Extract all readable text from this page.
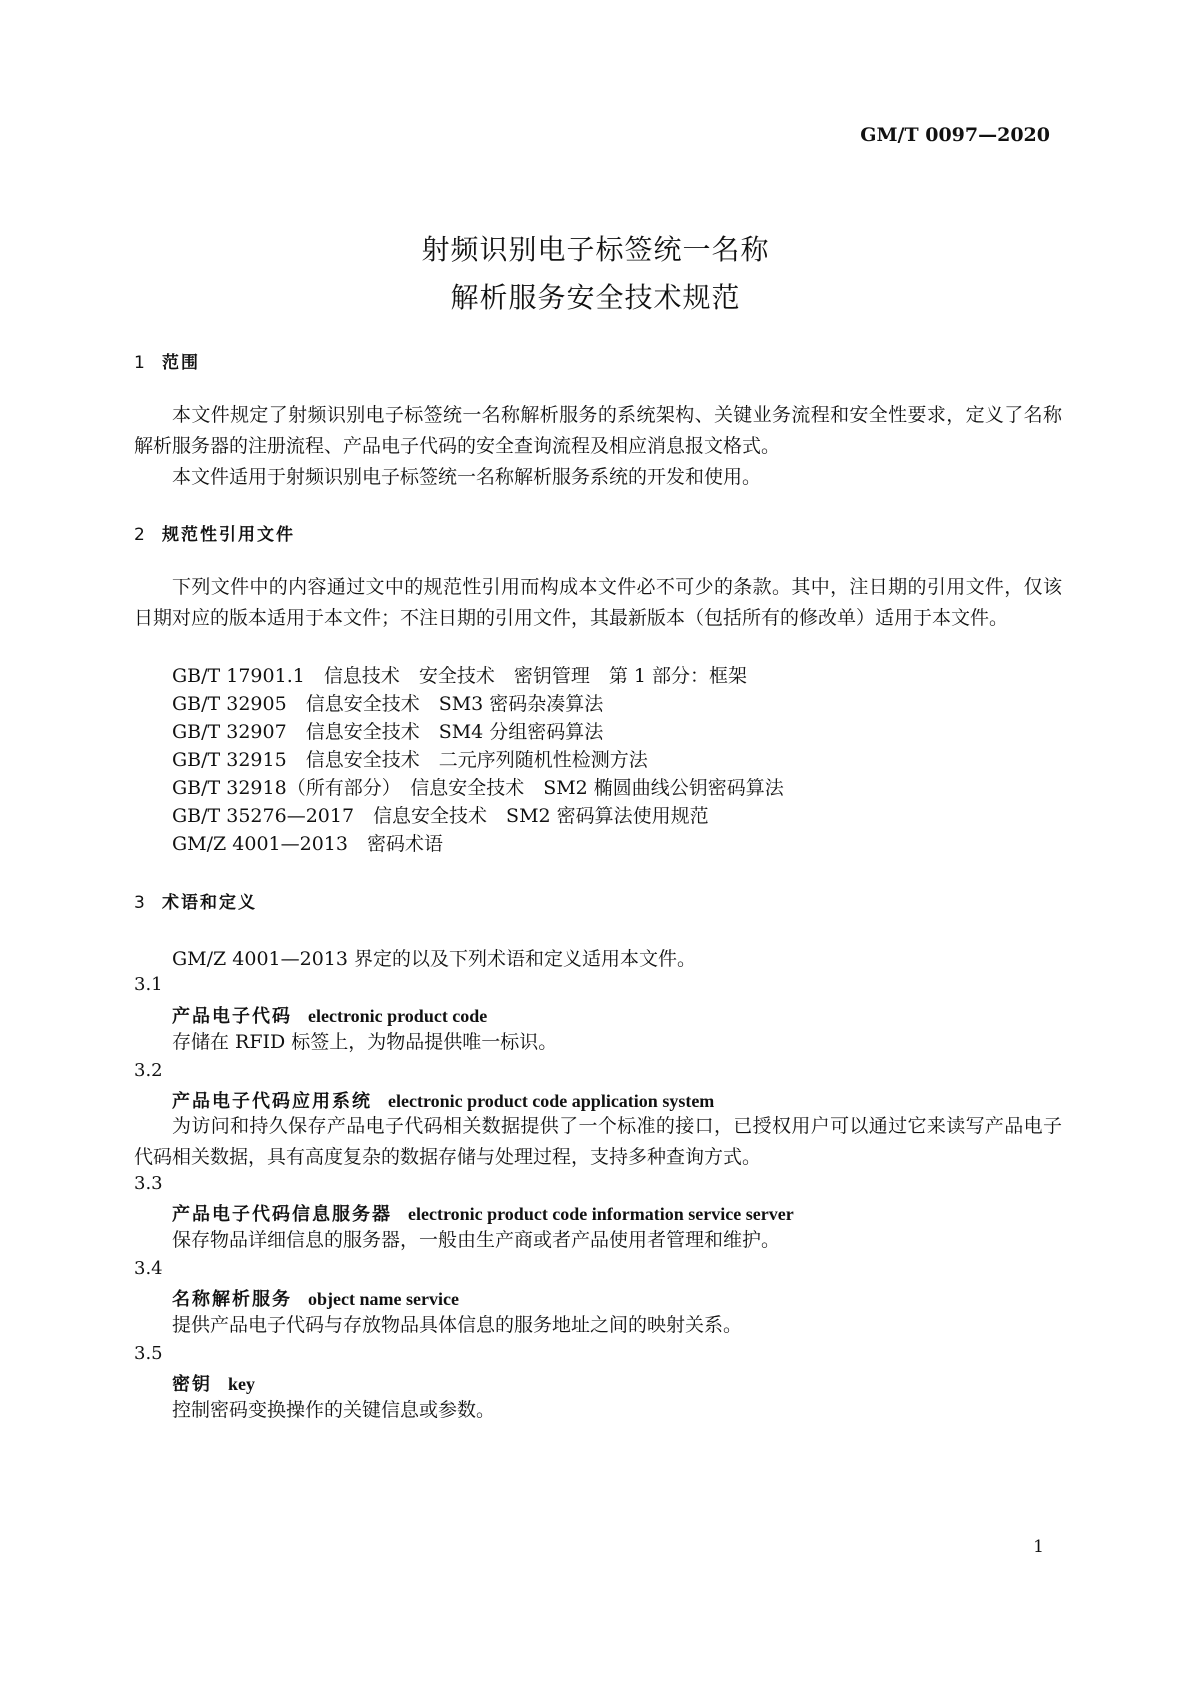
GM/T 0097—2020
射频识别电子标签统一名称
解析服务安全技术规范
1 范围
本文件规定了射频识别电子标签统一名称解析服务的系统架构、关键业务流程和安全性要求，定义了名称解析服务器的注册流程、产品电子代码的安全查询流程及相应消息报文格式。
本文件适用于射频识别电子标签统一名称解析服务系统的开发和使用。
2 规范性引用文件
下列文件中的内容通过文中的规范性引用而构成本文件必不可少的条款。其中，注日期的引用文件，仅该日期对应的版本适用于本文件；不注日期的引用文件，其最新版本（包括所有的修改单）适用于本文件。
GB/T 17901.1　信息技术　安全技术　密钥管理　第 1 部分：框架
GB/T 32905　信息安全技术　SM3 密码杂凑算法
GB/T 32907　信息安全技术　SM4 分组密码算法
GB/T 32915　信息安全技术　二元序列随机性检测方法
GB/T 32918（所有部分）　信息安全技术　SM2 椭圆曲线公钥密码算法
GB/T 35276—2017　信息安全技术　SM2 密码算法使用规范
GM/Z 4001—2013　密码术语
3 术语和定义
GM/Z 4001—2013 界定的以及下列术语和定义适用本文件。
3.1
产品电子代码 electronic product code
存储在 RFID 标签上，为物品提供唯一标识。
3.2
产品电子代码应用系统 electronic product code application system
为访问和持久保存产品电子代码相关数据提供了一个标准的接口，已授权用户可以通过它来读写产品电子代码相关数据，具有高度复杂的数据存储与处理过程，支持多种查询方式。
3.3
产品电子代码信息服务器 electronic product code information service server
保存物品详细信息的服务器，一般由生产商或者产品使用者管理和维护。
3.4
名称解析服务 object name service
提供产品电子代码与存放物品具体信息的服务地址之间的映射关系。
3.5
密钥 key
控制密码变换操作的关键信息或参数。
1
